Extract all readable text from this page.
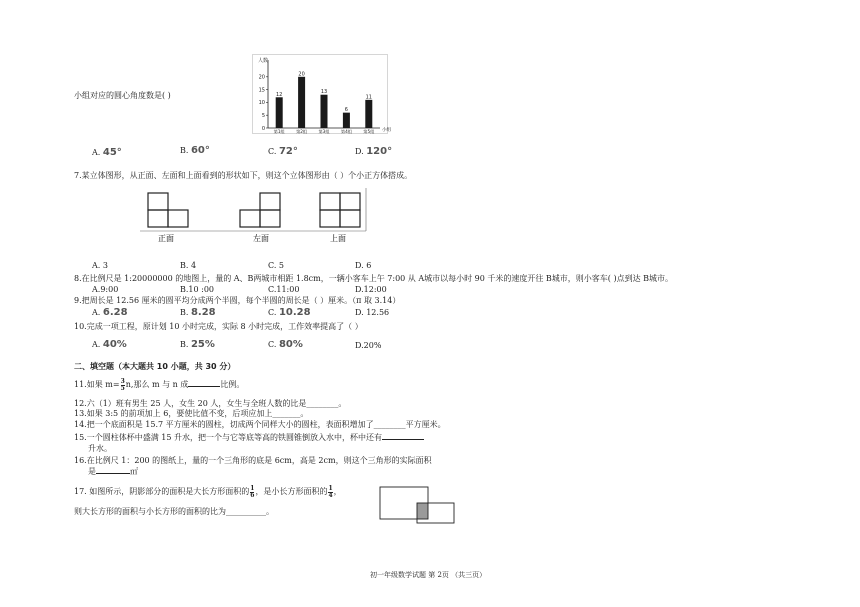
小组对应的圆心角度数是( )
人数
小组
0
5
10
15
20
12
第1组
20
第2组
13
第3组
6
第4组
11
第5组
A. 45°	B. 60°	C. 72°	D. 120°
7.某立体图形，从正面、左面和上面看到的形状如下，则这个立体图形由（ ）个小正方体搭成。
正面	左面	上面
A. 3	B. 4	C. 5	D. 6
8.在比例尺是 1:20000000 的地图上，量的 A、B两城市相距 1.8cm，一辆小客车上午 7:00 从 A城市以每小时 90 千米的速度开往 B城市，则小客车( )点到达 B城市。
A.9:00	B.10 :00	C.11:00	D.12:00
9.把周长是 12.56 厘米的圆平均分成两个半圆，每个半圆的周长是（ ）厘米。（π 取 3.14）
A. 6.28	B. 8.28	C. 10.28	D. 12.56
10.完成一项工程，原计划 10 小时完成，实际 8 小时完成，工作效率提高了（ ）
A. 40%	B. 25%	C. 80%	D.20%
二、填空题（本大题共 10 小题，共 30 分）
11.如果 $m= \frac{3}{5} n$,那么 m 与 n 成	比例。
12.六（1）班有男生 25 人，女生 20 人，女生与全班人数的比是________。
13.如果 3:5 的前项加上 6，要使比值不变，后项应加上_______。
14.把一个底面积是 15.7 平方厘米的圆柱，切成两个同样大小的圆柱，表面积增加了________平方厘米。
15.一个圆柱体杯中盛满 15 升水，把一个与它等底等高的铁圆锥倒放入水中，杯中还有
升水。
16.在比例尺 1：200 的图纸上，量的一个三角形的底是 6cm，高是 2cm，则这个三角形的实际面积
是	㎡
17. 如图所示，阴影部分的面积是大长方形面积的 $\frac{1}{6}$ ，是小长方形面积的 $\frac{1}{4}$ ，
则大长方形的面积与小长方形的面积的比为__________。
初一年级数学试题 第 2页 （共三页）
